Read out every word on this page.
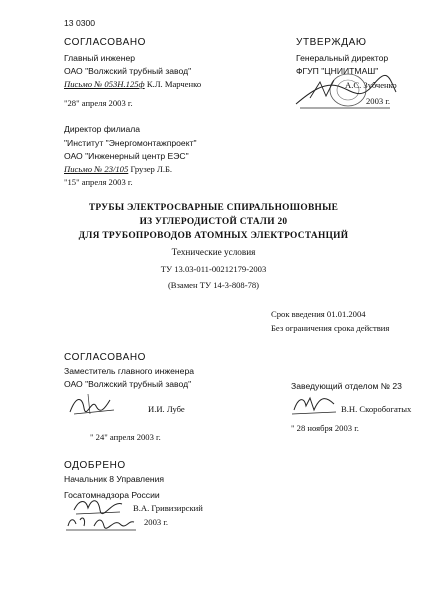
13 0300
СОГЛАСОВАНО
Главный инженер
ОАО "Волжский трубный завод"
Письмо № 053Н.125ф К.Л. Марченко
"28" апреля 2003 г.
УТВЕРЖДАЮ
Генеральный директор
ФГУП "ЦНИИТМАШ"
А.С. Зубченко
2003 г.
Директор филиала
"Институт "Энергомонтажпроект"
ОАО "Инженерный центр ЕЭС"
Письмо № 23/105 Грузер Л.Б.
"15" апреля 2003 г.
ТРУБЫ ЭЛЕКТРОСВАРНЫЕ СПИРАЛЬНОШОВНЫЕ
ИЗ УГЛЕРОДИСТОЙ СТАЛИ 20
ДЛЯ ТРУБОПРОВОДОВ АТОМНЫХ ЭЛЕКТРОСТАНЦИЙ
Технические условия
ТУ 13.03-011-00212179-2003
(Взамен ТУ 14-3-808-78)
Срок введения 01.01.2004
Без ограничения срока действия
СОГЛАСОВАНО
Заместитель главного инженера
ОАО "Волжский трубный завод"
И.И. Лубе
" 24" апреля 2003 г.
Заведующий отделом № 23
В.Н. Скоробогатых
" 28 ноября 2003 г.
ОДОБРЕНО
Начальник 8 Управления
Госатомнадзора России
В.А. Гривизирский
2003 г.
